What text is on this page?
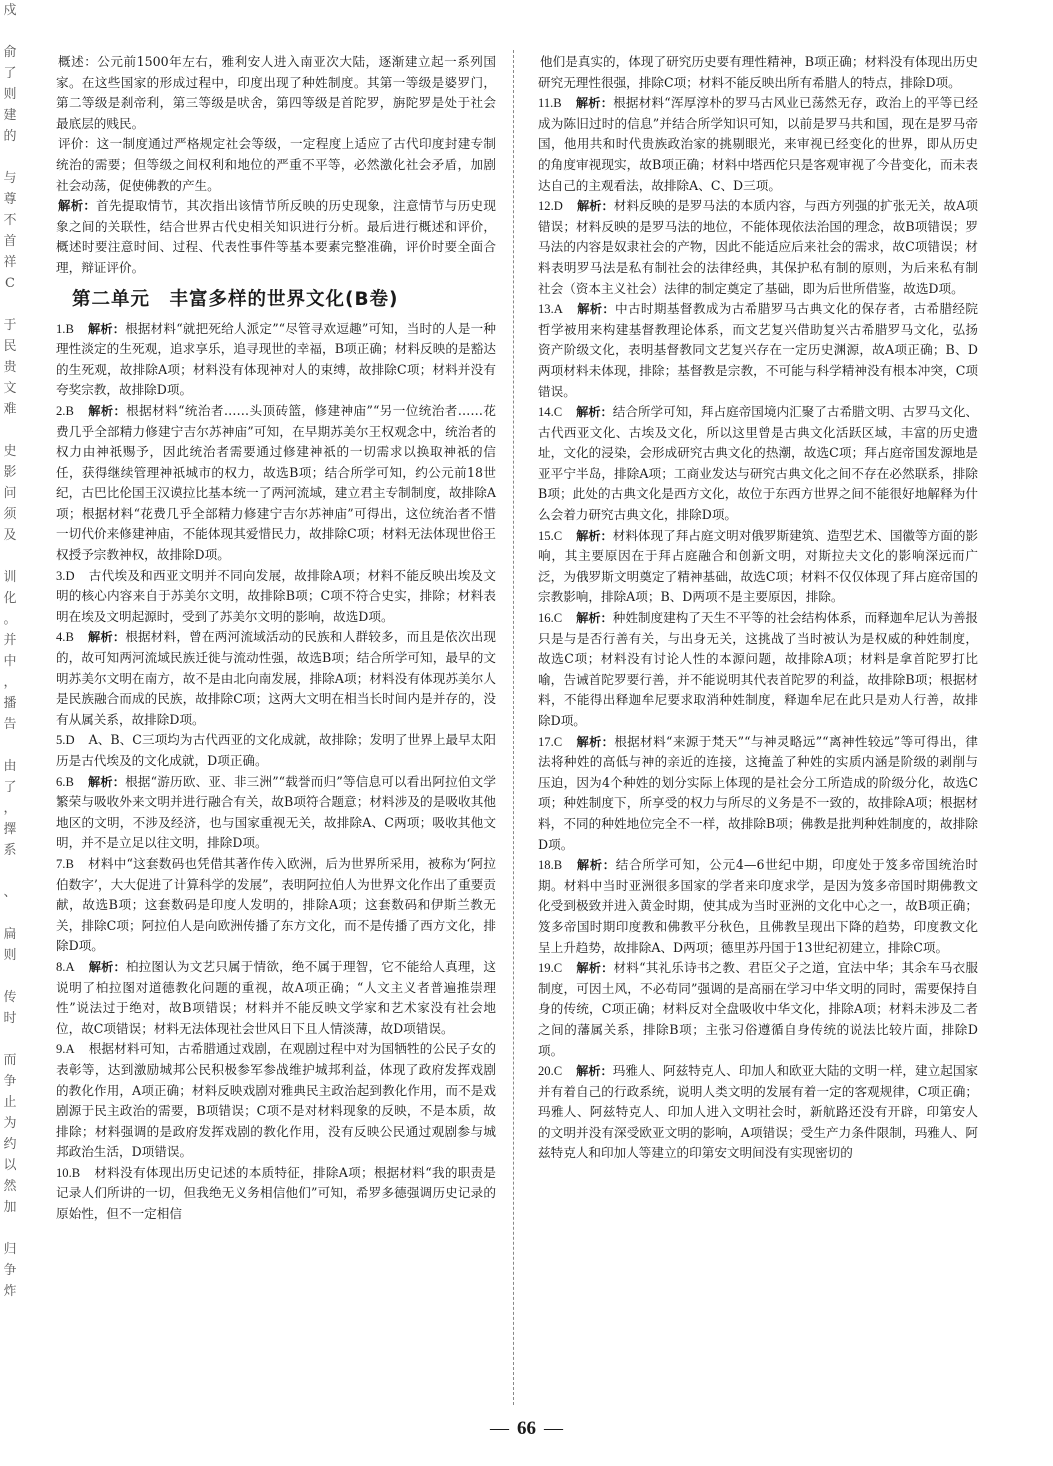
戍

俞
了
则
建
的

与
尊
不
首
祥
C

于
民
贵
文
难

史
影
问
须
及

训
化
。
并
中
，
播
告

由
了
，
擇
系

、

扁
则

传
时

而
争
止
为
约
以
然
加

归
争
炸

概述：公元前1500年左右，雅利安人进入南亚次大陆，逐渐建立起一系列国家。在这些国家的形成过程中，印度出现了种姓制度。其第一等级是婆罗门，第二等级是刹帝利，第三等级是吠舍，第四等级是首陀罗，旃陀罗是处于社会最底层的贱民。

评价：这一制度通过严格规定社会等级，一定程度上适应了古代印度封建专制统治的需要；但等级之间权利和地位的严重不平等，必然激化社会矛盾，加剧社会动荡，促使佛教的产生。

解析：首先提取情节，其次指出该情节所反映的历史现象，注意情节与历史现象之间的关联性，结合世界古代史相关知识进行分析。最后进行概述和评价，概述时要注意时间、过程、代表性事件等基本要素完整准确，评价时要全面合理，辩证评价。

第二单元　丰富多样的世界文化(B卷)

1.B 解析：根据材料“就把死给人派定”“尽管寻欢逗趣”可知，当时的人是一种理性淡定的生死观，追求享乐，追寻现世的幸福，B项正确；材料反映的是豁达的生死观，故排除A项；材料没有体现神对人的束缚，故排除C项；材料并没有夸奖宗教，故排除D项。

2.B 解析：根据材料“统治者……头顶砖篮，修建神庙”“另一位统治者……花费几乎全部精力修建宁吉尔苏神庙”可知，在早期苏美尔王权观念中，统治者的权力由神祇赐予，因此统治者需要通过修建神祇的一切需求以换取神祇的信任，获得继续管理神祇城市的权力，故选B项；结合所学可知，约公元前18世纪，古巴比伦国王汉谟拉比基本统一了两河流域，建立君主专制制度，故排除A项；根据材料“花费几乎全部精力修建宁吉尔苏神庙”可得出，这位统治者不惜一切代价来修建神庙，不能体现其爱惜民力，故排除C项；材料无法体现世俗王权授予宗教神权，故排除D项。

3.D 古代埃及和西亚文明并不同向发展，故排除A项；材料不能反映出埃及文明的核心内容来自于苏美尔文明，故排除B项；C项不符合史实，排除；材料表明在埃及文明起源时，受到了苏美尔文明的影响，故选D项。

4.B 解析：根据材料，曾在两河流域活动的民族和人群较多，而且是依次出现的，故可知两河流域民族迁徙与流动性强，故选B项；结合所学可知，最早的文明苏美尔文明在南方，故不是由北向南发展，排除A项；材料没有体现苏美尔人是民族融合而成的民族，故排除C项；这两大文明在相当长时间内是并存的，没有从属关系，故排除D项。

5.D A、B、C三项均为古代西亚的文化成就，故排除；发明了世界上最早太阳历是古代埃及的文化成就，D项正确。

6.B 解析：根据“游历欧、亚、非三洲”“载誉而归”等信息可以看出阿拉伯文学繁荣与吸收外来文明并进行融合有关，故B项符合题意；材料涉及的是吸收其他地区的文明，不涉及经济，也与国家重视无关，故排除A、C两项；吸收其他文明，并不是立足以往文明，排除D项。

7.B 材料中“这套数码也凭借其著作传入欧洲，后为世界所采用，被称为‘阿拉伯数字’，大大促进了计算科学的发展”，表明阿拉伯人为世界文化作出了重要贡献，故选B项；这套数码是印度人发明的，排除A项；这套数码和伊斯兰教无关，排除C项；阿拉伯人是向欧洲传播了东方文化，而不是传播了西方文化，排除D项。

8.A 解析：柏拉图认为文艺只属于情欲，绝不属于理智，它不能给人真理，这说明了柏拉图对道德教化问题的重视，故A项正确；“人文主义者普遍推崇理性”说法过于绝对，故B项错误；材料并不能反映文学家和艺术家没有社会地位，故C项错误；材料无法体现社会世风日下且人情淡薄，故D项错误。

9.A 根据材料可知，古希腊通过戏剧，在观剧过程中对为国牺牲的公民子女的表彰等，达到激励城邦公民积极参军参战维护城邦利益，体现了政府发挥戏剧的教化作用，A项正确；材料反映戏剧对雅典民主政治起到教化作用，而不是戏剧源于民主政治的需要，B项错误；C项不是对材料现象的反映，不是本质，故排除；材料强调的是政府发挥戏剧的教化作用，没有反映公民通过观剧参与城邦政治生活，D项错误。

10.B 材料没有体现出历史记述的本质特征，排除A项；根据材料“我的职责是记录人们所讲的一切，但我绝无义务相信他们”可知，希罗多德强调历史记录的原始性，但不一定相信

他们是真实的，体现了研究历史要有理性精神，B项正确；材料没有体现出历史研究无理性很强，排除C项；材料不能反映出所有希腊人的特点，排除D项。

11.B 解析：根据材料“浑厚淳朴的罗马古风业已荡然无存，政治上的平等已经成为陈旧过时的信息”并结合所学知识可知，以前是罗马共和国，现在是罗马帝国，他用共和时代贵族政治家的挑剔眼光，来审视已经变化的世界，即从历史的角度审视现实，故B项正确；材料中塔西佗只是客观审视了今昔变化，而未表达自己的主观看法，故排除A、C、D三项。

12.D 解析：材料反映的是罗马法的本质内容，与西方列强的扩张无关，故A项错误；材料反映的是罗马法的地位，不能体现依法治国的理念，故B项错误；罗马法的内容是奴隶社会的产物，因此不能适应后来社会的需求，故C项错误；材料表明罗马法是私有制社会的法律经典，其保护私有制的原则，为后来私有制社会（资本主义社会）法律的制定奠定了基础，即为后世所借鉴，故选D项。

13.A 解析：中古时期基督教成为古希腊罗马古典文化的保存者，古希腊经院哲学被用来构建基督教理论体系，而文艺复兴借助复兴古希腊罗马文化，弘扬资产阶级文化，表明基督教同文艺复兴存在一定历史渊源，故A项正确；B、D两项材料未体现，排除；基督教是宗教，不可能与科学精神没有根本冲突，C项错误。

14.C 解析：结合所学可知，拜占庭帝国境内汇聚了古希腊文明、古罗马文化、古代西亚文化、古埃及文化，所以这里曾是古典文化活跃区域，丰富的历史遗址，文化的浸染，会形成研究古典文化的热潮，故选C项；拜占庭帝国发源地是亚平宁半岛，排除A项；工商业发达与研究古典文化之间不存在必然联系，排除B项；此处的古典文化是西方文化，故位于东西方世界之间不能很好地解释为什么会着力研究古典文化，排除D项。

15.C 解析：材料体现了拜占庭文明对俄罗斯建筑、造型艺术、国徽等方面的影响，其主要原因在于拜占庭融合和创新文明，对斯拉夫文化的影响深远而广泛，为俄罗斯文明奠定了精神基础，故选C项；材料不仅仅体现了拜占庭帝国的宗教影响，排除A项；B、D两项不是主要原因，排除。

16.C 解析：种姓制度建构了天生不平等的社会结构体系，而释迦牟尼认为善报只是与是否行善有关，与出身无关，这挑战了当时被认为是权威的种姓制度，故选C项；材料没有讨论人性的本源问题，故排除A项；材料是拿首陀罗打比喻，告诫首陀罗要行善，并不能说明其代表首陀罗的利益，故排除B项；根据材料，不能得出释迦牟尼要求取消种姓制度，释迦牟尼在此只是劝人行善，故排除D项。

17.C 解析：根据材料“来源于梵天”“与神灵略远”“离神性较远”等可得出，律法将种姓的高低与神的亲近的连接，这掩盖了种姓的实质内涵是阶级的剥削与压迫，因为4个种姓的划分实际上体现的是社会分工所造成的阶级分化，故选C项；种姓制度下，所享受的权力与所尽的义务是不一致的，故排除A项；根据材料，不同的种姓地位完全不一样，故排除B项；佛教是批判种姓制度的，故排除D项。

18.B 解析：结合所学可知，公元4—6世纪中期，印度处于笈多帝国统治时期。材料中当时亚洲很多国家的学者来印度求学，是因为笈多帝国时期佛教文化受到极致并进入黄金时期，使其成为当时亚洲的文化中心之一，故B项正确；笈多帝国时期印度教和佛教平分秋色，且佛教呈现出下降的趋势，印度教文化呈上升趋势，故排除A、D两项；德里苏丹国于13世纪初建立，排除C项。

19.C 解析：材料“其礼乐诗书之教、君臣父子之道，宜法中华；其余车马衣服制度，可因土风，不必苟同”强调的是高丽在学习中华文明的同时，需要保持自身的传统，C项正确；材料反对全盘吸收中华文化，排除A项；材料未涉及二者之间的藩属关系，排除B项；主张习俗遵循自身传统的说法比较片面，排除D项。

20.C 解析：玛雅人、阿兹特克人、印加人和欧亚大陆的文明一样，建立起国家并有着自己的行政系统，说明人类文明的发展有着一定的客观规律，C项正确；玛雅人、阿兹特克人、印加人进入文明社会时，新航路还没有开辟，印第安人的文明并没有深受欧亚文明的影响，A项错误；受生产力条件限制，玛雅人、阿兹特克人和印加人等建立的印第安文明间没有实现密切的

— 66 —
